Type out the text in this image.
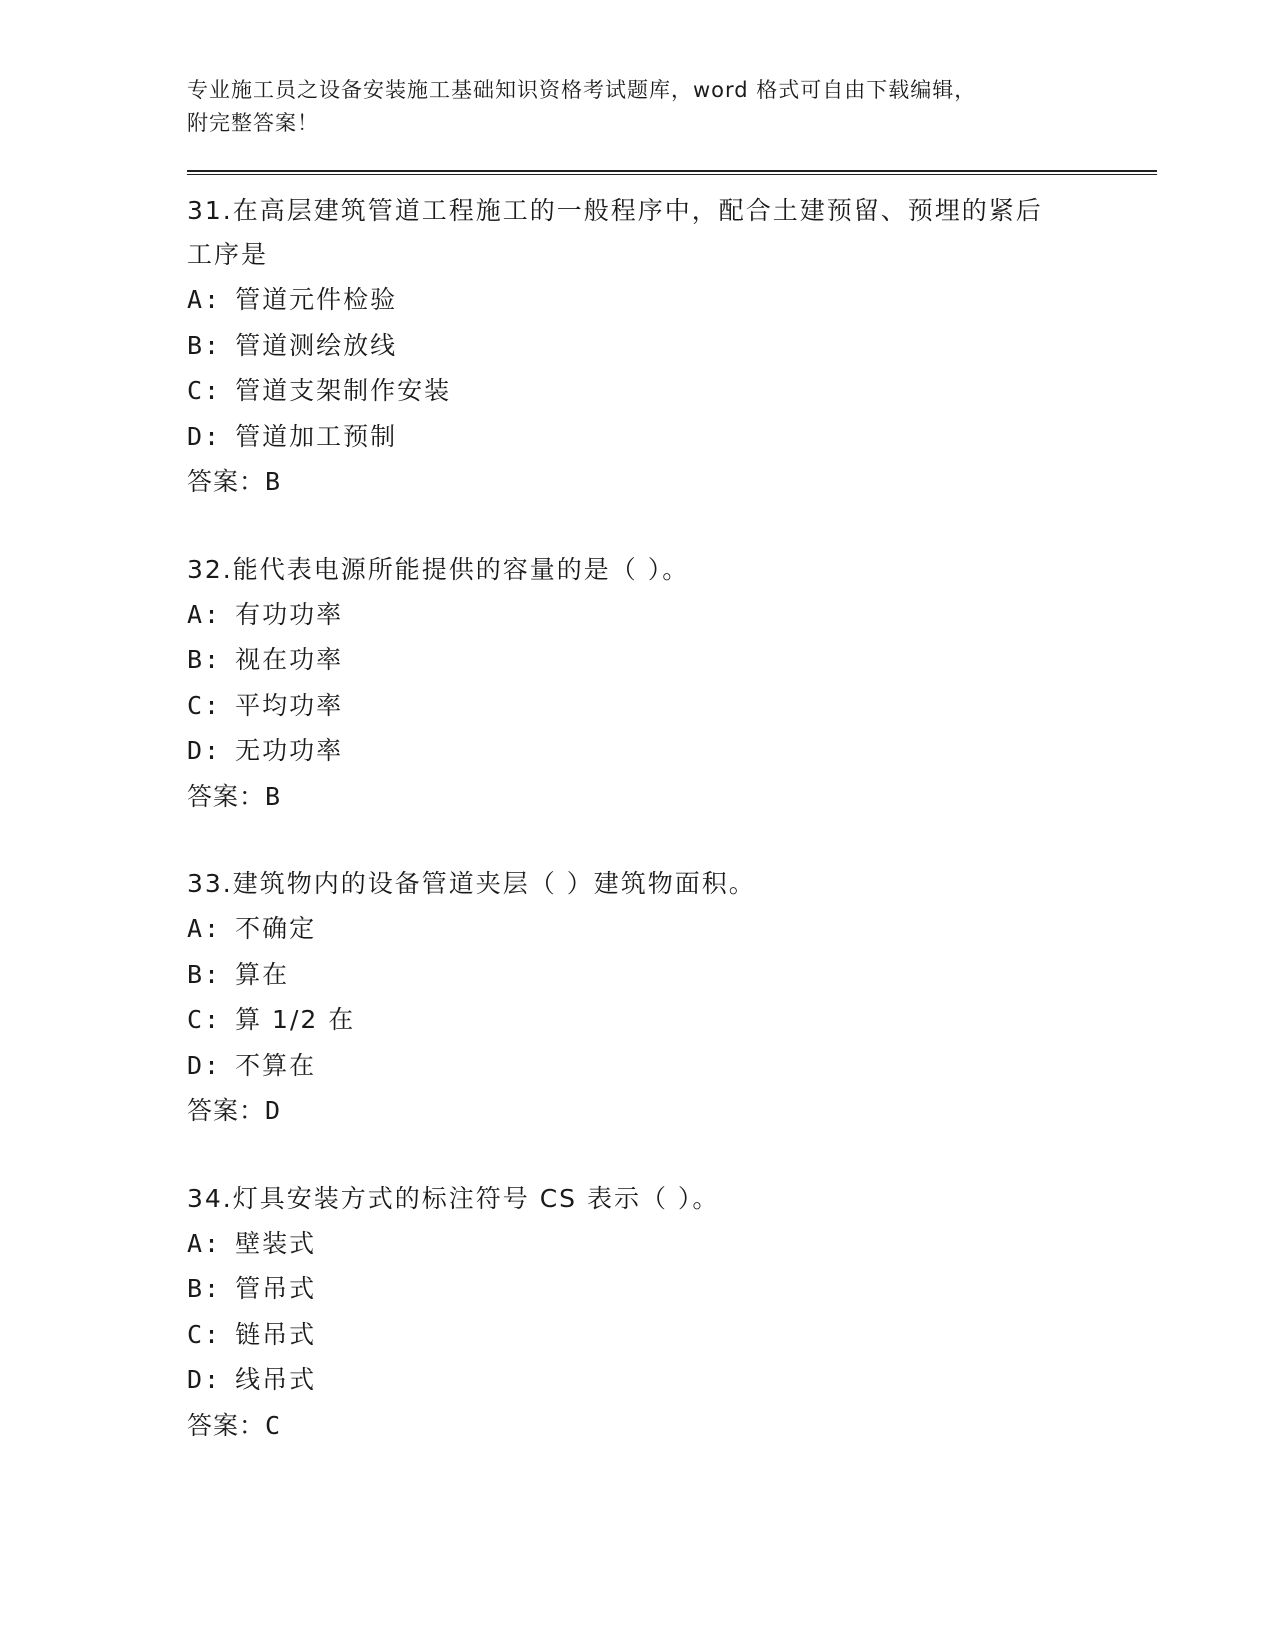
专业施工员之设备安装施工基础知识资格考试题库，word 格式可自由下载编辑，
附完整答案！

31.在高层建筑管道工程施工的一般程序中，配合土建预留、预埋的紧后工序是

A: 管道元件检验

B: 管道测绘放线

C: 管道支架制作安装

D: 管道加工预制

答案：B

32.能代表电源所能提供的容量的是（ ）。

A: 有功功率

B: 视在功率

C: 平均功率

D: 无功功率

答案：B

33.建筑物内的设备管道夹层（ ）建筑物面积。

A: 不确定

B: 算在

C: 算 1/2 在

D: 不算在

答案：D

34.灯具安装方式的标注符号 CS 表示（ ）。

A: 壁装式

B: 管吊式

C: 链吊式

D: 线吊式

答案：C
